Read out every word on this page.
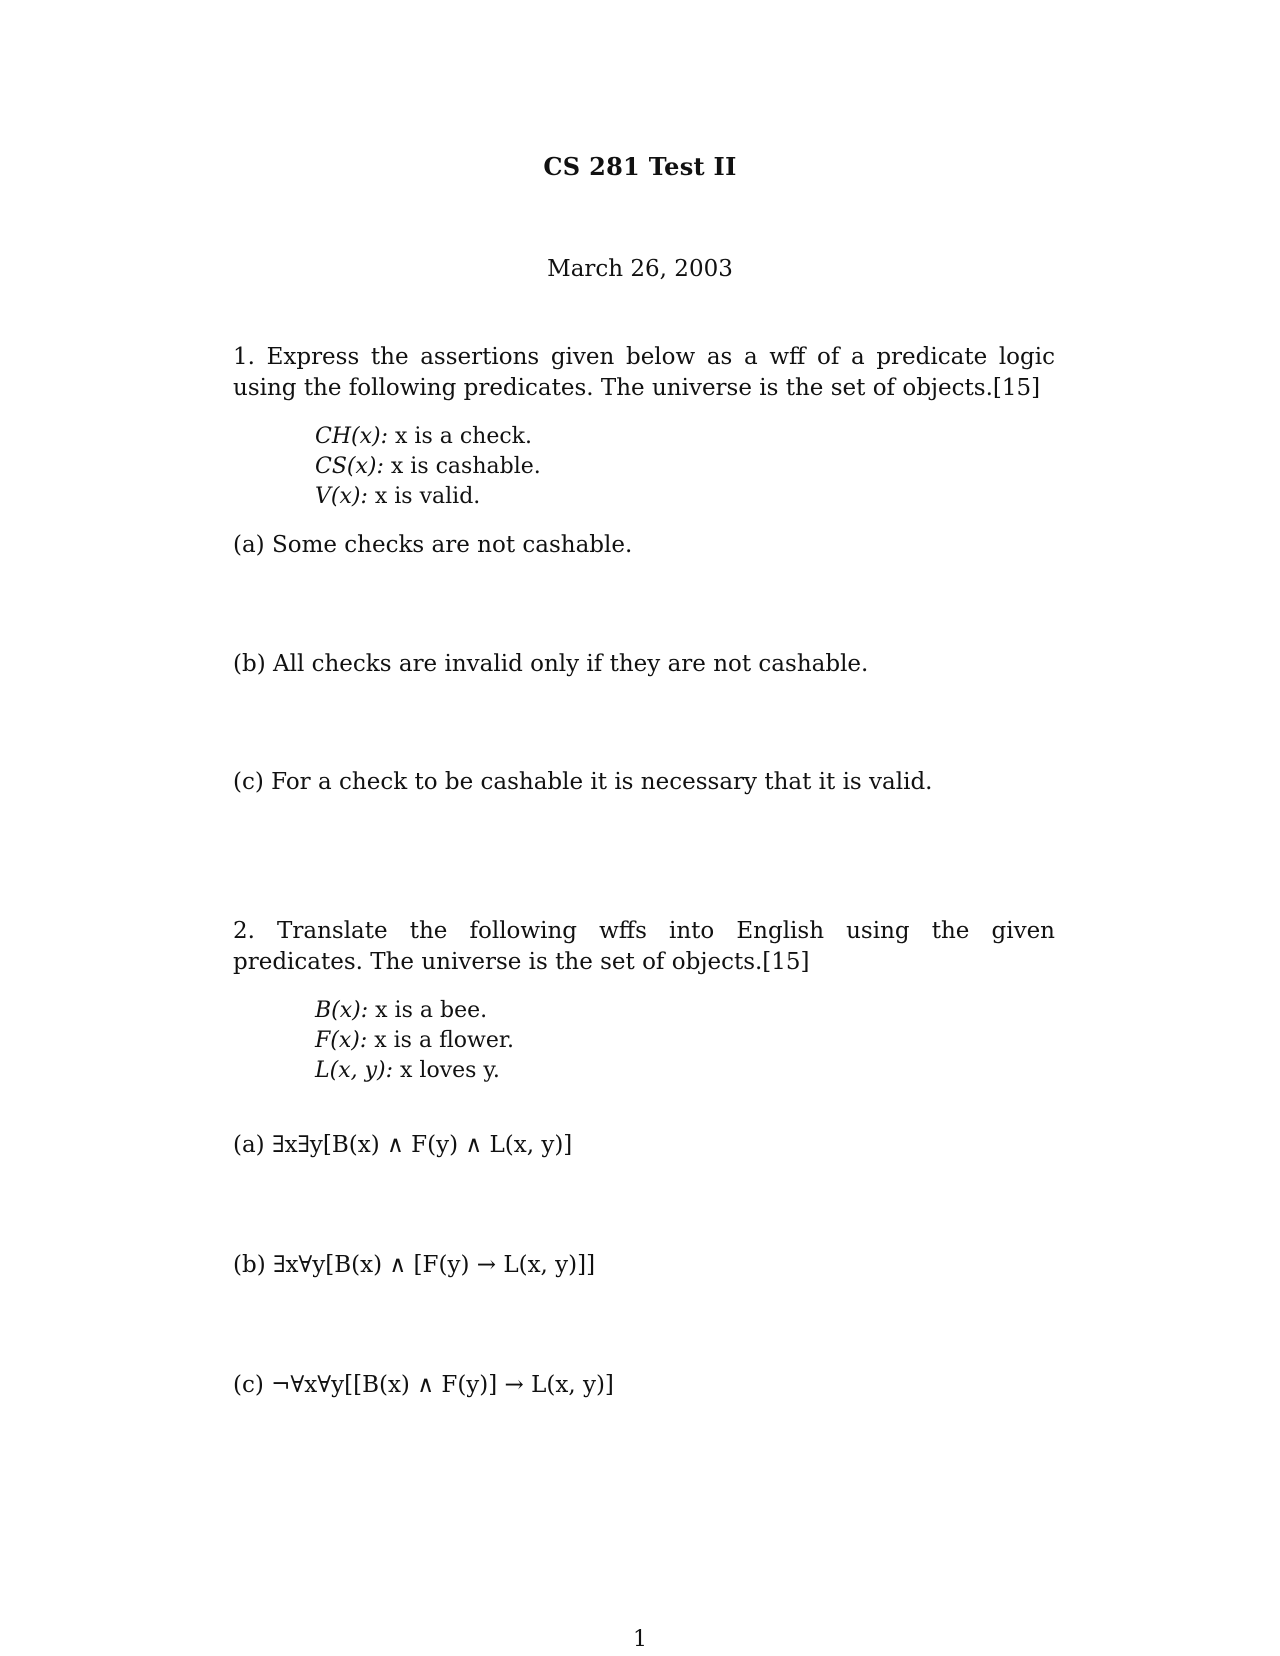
CS 281 Test II
March 26, 2003
1. Express the assertions given below as a wff of a predicate logic using the following predicates. The universe is the set of objects.[15]
CH(x): x is a check.
CS(x): x is cashable.
V(x): x is valid.
(a) Some checks are not cashable.
(b) All checks are invalid only if they are not cashable.
(c) For a check to be cashable it is necessary that it is valid.
2. Translate the following wffs into English using the given predicates. The universe is the set of objects.[15]
B(x): x is a bee.
F(x): x is a flower.
L(x, y): x loves y.
(a) ∃x∃y[B(x) ∧ F(y) ∧ L(x, y)]
(b) ∃x∀y[B(x) ∧ [F(y) → L(x, y)]]
(c) ¬∀x∀y[[B(x) ∧ F(y)] → L(x, y)]
1
